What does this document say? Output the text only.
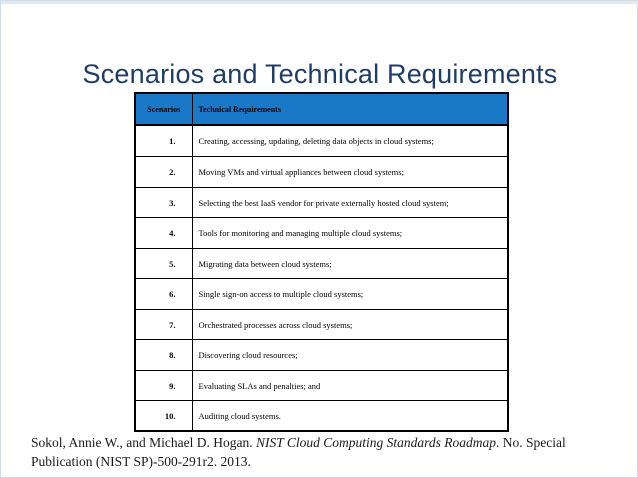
Scenarios and Technical Requirements
Scenarios	Technical Requirements
1.	Creating, accessing, updating, deleting data objects in cloud systems;
2.	Moving VMs and virtual appliances between cloud systems;
3.	Selecting the best IaaS vendor for private externally hosted cloud system;
4.	Tools for monitoring and managing multiple cloud systems;
5.	Migrating data between cloud systems;
6.	Single sign-on access to multiple cloud systems;
7.	Orchestrated processes across cloud systems;
8.	Discovering cloud resources;
9.	Evaluating SLAs and penalties; and
10.	Auditing cloud systems.
Sokol, Annie W., and Michael D. Hogan. NIST Cloud Computing Standards Roadmap. No. Special Publication (NIST SP)-500-291r2. 2013.
